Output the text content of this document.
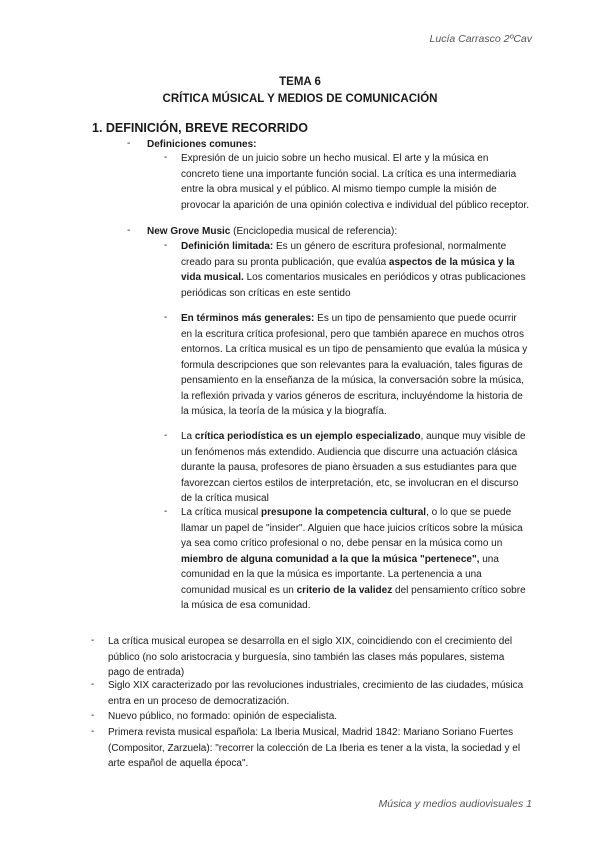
Lucía Carrasco 2ºCav
TEMA 6
CRÍTICA MÚSICAL Y MEDIOS DE COMUNICACIÓN
1. DEFINICIÓN, BREVE RECORRIDO
- Definiciones comunes:
- Expresión de un juicio sobre un hecho musical. El arte y la música en concreto tiene una importante función social. La crítica es una intermediaria entre la obra musical y el público. Al mismo tiempo cumple la misión de provocar la aparición de una opinión colectiva e individual del público receptor.
- New Grove Music (Enciclopedia musical de referencia):
- Definición limitada: Es un género de escritura profesional, normalmente creado para su pronta publicación, que evalúa aspectos de la música y la vida musical. Los comentarios musicales en periódicos y otras publicaciones periódicas son críticas en este sentido
- En términos más generales: Es un tipo de pensamiento que puede ocurrir en la escritura crítica profesional, pero que también aparece en muchos otros entornos. La crítica musical es un tipo de pensamiento que evalúa la música y formula descripciones que son relevantes para la evaluación, tales figuras de pensamiento en la enseñanza de la música, la conversación sobre la música, la reflexión privada y varios géneros de escritura, incluyéndome la historia de la música, la teoría de la música y la biografía.
- La crítica periodística es un ejemplo especializado, aunque muy visible de un fenómenos más extendido. Audiencia que discurre una actuación clásica durante la pausa, profesores de piano èrsuaden a sus estudiantes para que favorezcan ciertos estilos de interpretación, etc, se involucran en el discurso de la crítica musical
- La crítica musical presupone la competencia cultural, o lo que se puede llamar un papel de "insider". Alguien que hace juicios críticos sobre la música ya sea como crítico profesional o no, debe pensar en la música como un miembro de alguna comunidad a la que la música "pertenece", una comunidad en la que la música es importante. La pertenencia a una comunidad musical es un criterio de la validez del pensamiento crítico sobre la música de esa comunidad.
- La crítica musical europea se desarrolla en el siglo XIX, coincidiendo con el crecimiento del público (no solo aristocracia y burguesía, sino también las clases más populares, sistema pago de entrada)
- Siglo XIX caracterizado por las revoluciones industriales, crecimiento de las ciudades, música entra en un proceso de democratización.
- Nuevo público, no formado: opinión de especialista.
- Primera revista musical española: La Iberia Musical, Madrid 1842: Mariano Soriano Fuertes (Compositor, Zarzuela): "recorrer la colección de La Iberia es tener a la vista, la sociedad y el arte español de aquella época".
Música y medios audiovisuales 1
